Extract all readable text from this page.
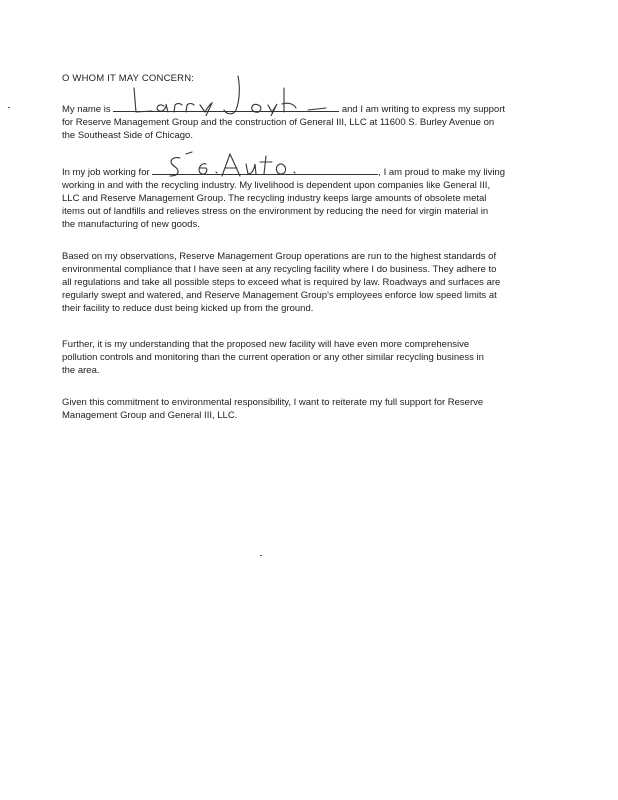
O WHOM IT MAY CONCERN:
My name is	and I am writing to express my support
for Reserve Management Group and the construction of General III, LLC at 11600 S. Burley Avenue on
the Southeast Side of Chicago.
In my job working for	, I am proud to make my living
working in and with the recycling industry. My livelihood is dependent upon companies like General III,
LLC and Reserve Management Group. The recycling industry keeps large amounts of obsolete metal
items out of landfills and relieves stress on the environment by reducing the need for virgin material in
the manufacturing of new goods.
Based on my observations, Reserve Management Group operations are run to the highest standards of
environmental compliance that I have seen at any recycling facility where I do business. They adhere to
all regulations and take all possible steps to exceed what is required by law. Roadways and surfaces are
regularly swept and watered, and Reserve Management Group's employees enforce low speed limits at
their facility to reduce dust being kicked up from the ground.
Further, it is my understanding that the proposed new facility will have even more comprehensive
pollution controls and monitoring than the current operation or any other similar recycling business in
the area.
Given this commitment to environmental responsibility, I want to reiterate my full support for Reserve
Management Group and General III, LLC.
